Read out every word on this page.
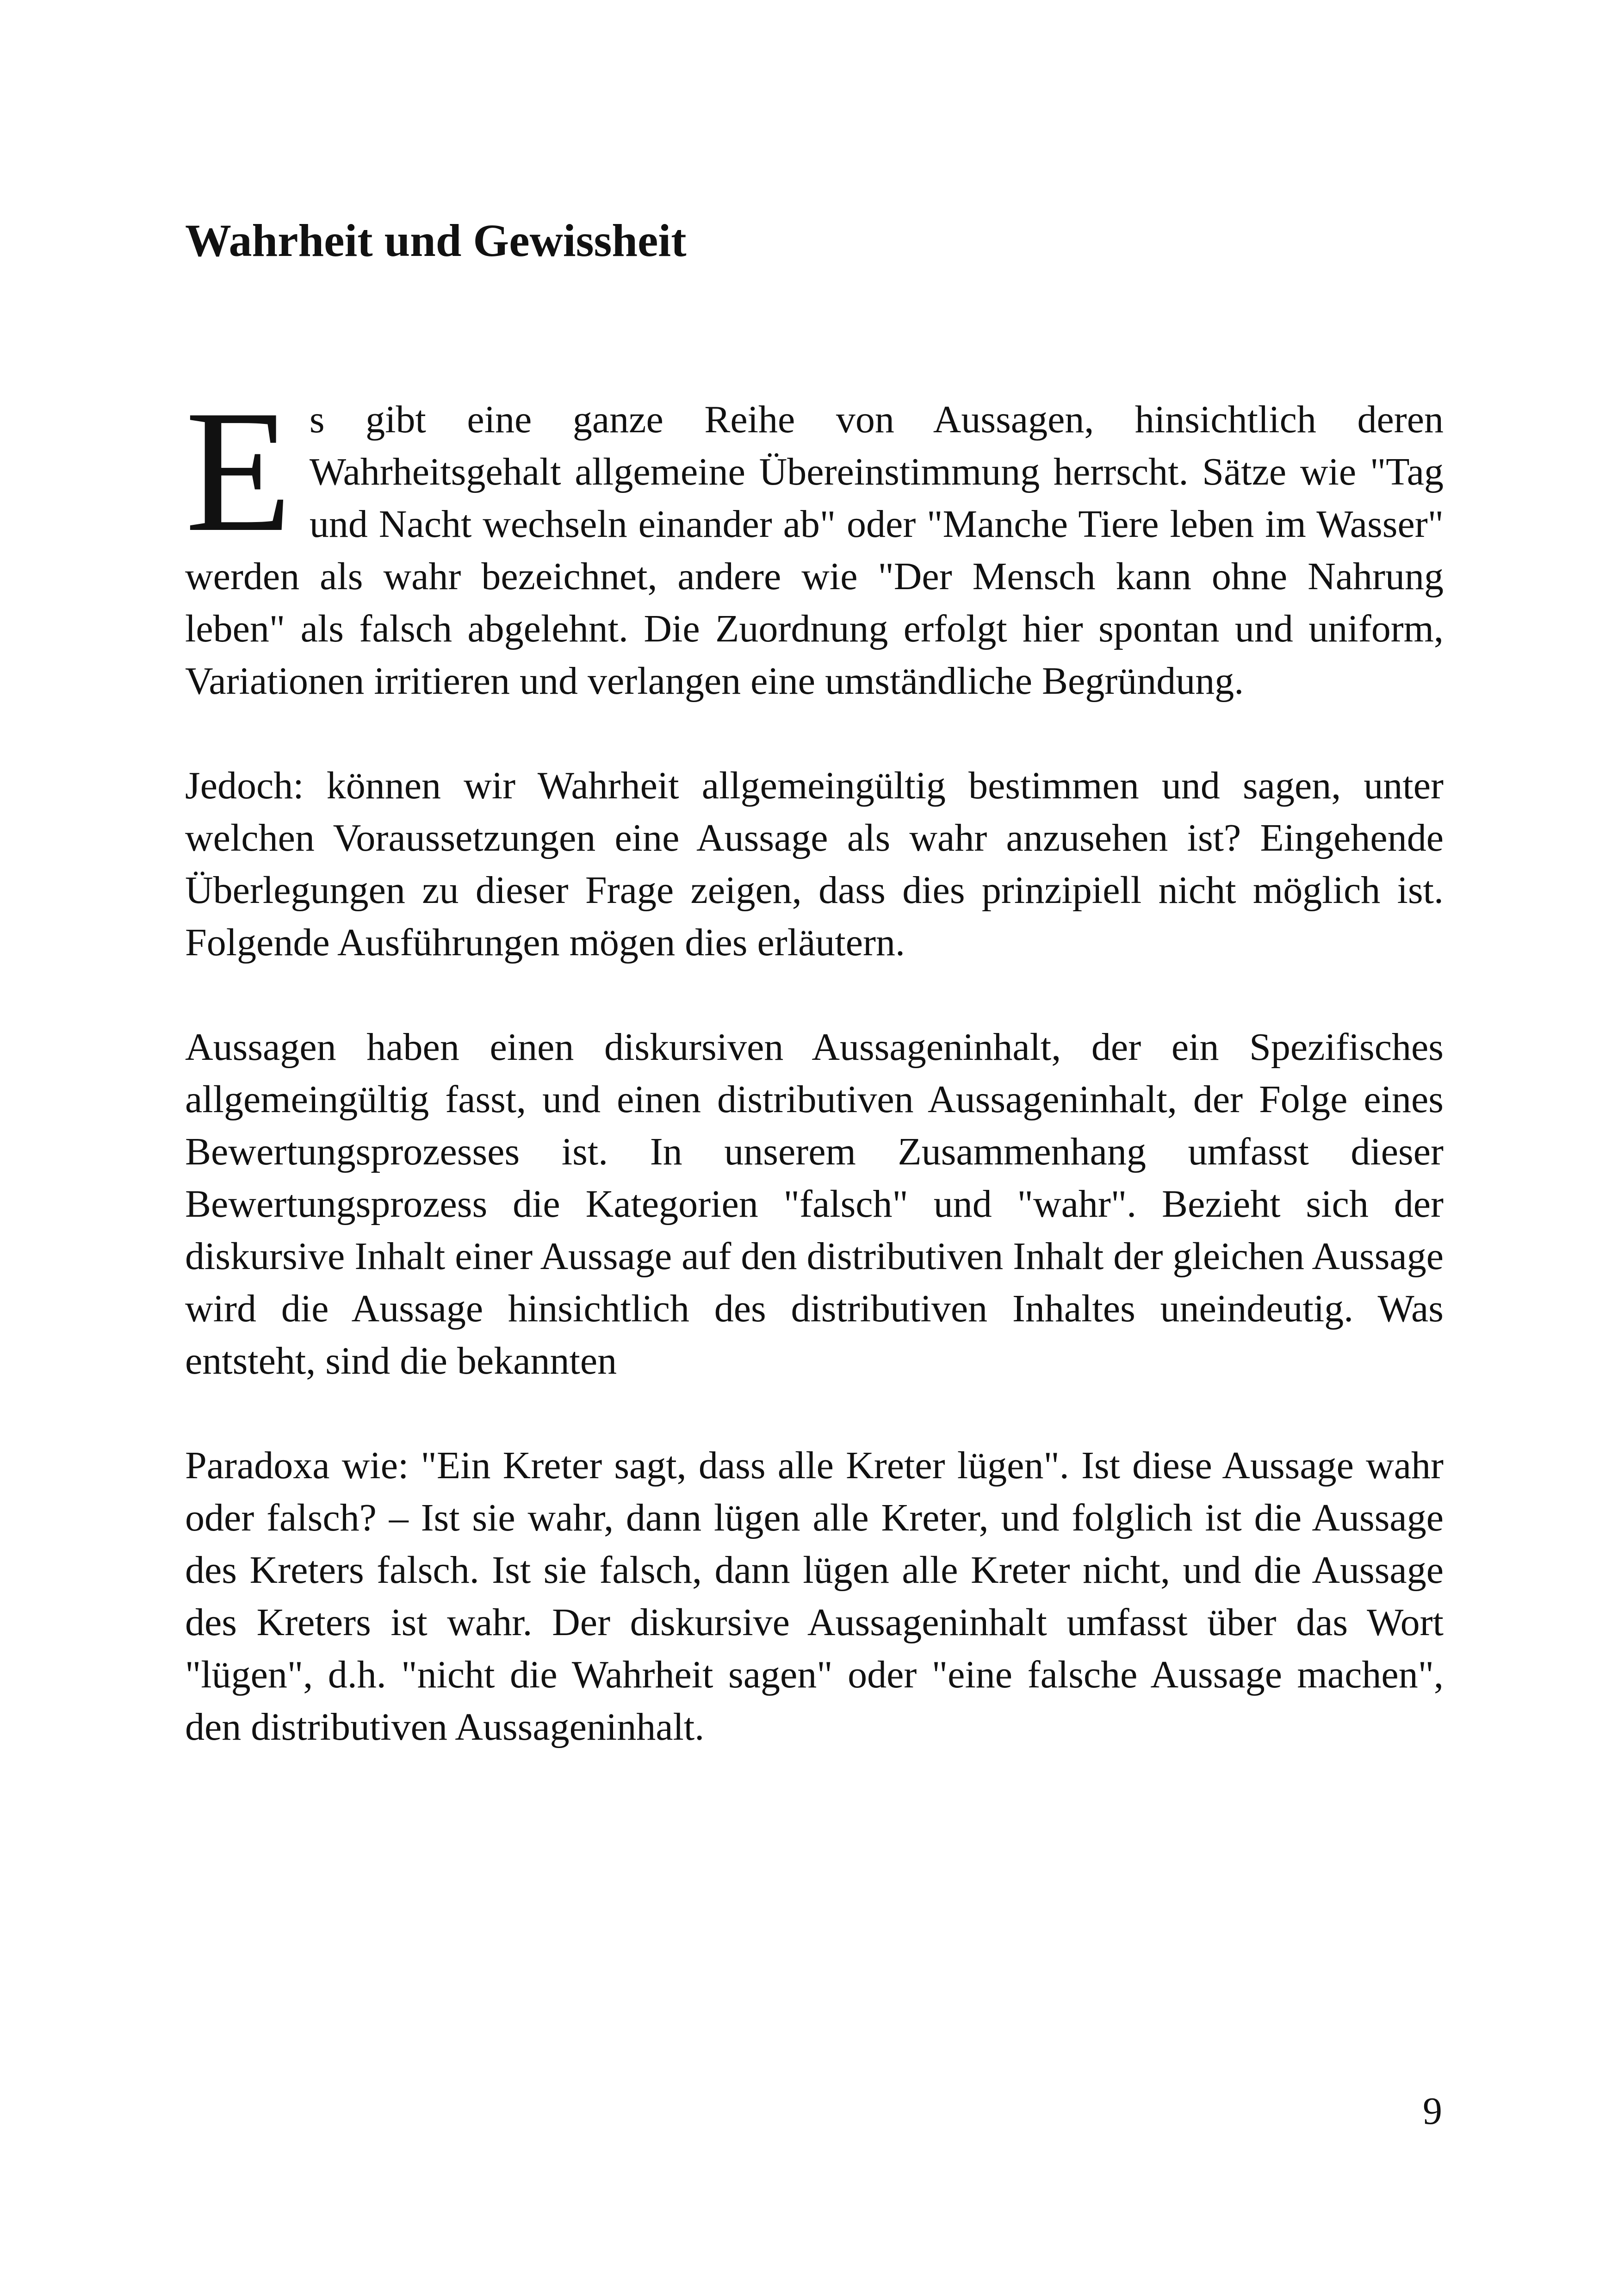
Wahrheit und Gewissheit

Es gibt eine ganze Reihe von Aussagen, hinsichtlich deren Wahrheitsgehalt allgemeine Übereinstimmung herrscht. Sätze wie "Tag und Nacht wechseln einander ab" oder "Manche Tiere leben im Wasser" werden als wahr bezeichnet, andere wie "Der Mensch kann ohne Nahrung leben" als falsch abgelehnt. Die Zuordnung erfolgt hier spontan und uniform, Variationen irritieren und verlangen eine umständliche Begründung.

Jedoch: können wir Wahrheit allgemeingültig bestimmen und sagen, unter welchen Voraussetzungen eine Aussage als wahr anzusehen ist? Eingehende Überlegungen zu dieser Frage zeigen, dass dies prinzipiell nicht möglich ist. Folgende Ausführungen mögen dies erläutern.

Aussagen haben einen diskursiven Aussageninhalt, der ein Spezifisches allgemeingültig fasst, und einen distributiven Aussageninhalt, der Folge eines Bewertungsprozesses ist. In unserem Zusammenhang umfasst dieser Bewertungsprozess die Kategorien "falsch" und "wahr". Bezieht sich der diskursive Inhalt einer Aussage auf den distributiven Inhalt der gleichen Aussage wird die Aussage hinsichtlich des distributiven Inhaltes uneindeutig. Was entsteht, sind die bekannten

Paradoxa wie: "Ein Kreter sagt, dass alle Kreter lügen". Ist diese Aussage wahr oder falsch? – Ist sie wahr, dann lügen alle Kreter, und folglich ist die Aussage des Kreters falsch. Ist sie falsch, dann lügen alle Kreter nicht, und die Aussage des Kreters ist wahr. Der diskursive Aussageninhalt umfasst über das Wort "lügen", d.h. "nicht die Wahrheit sagen" oder "eine falsche Aussage machen", den distributiven Aussageninhalt.

9
